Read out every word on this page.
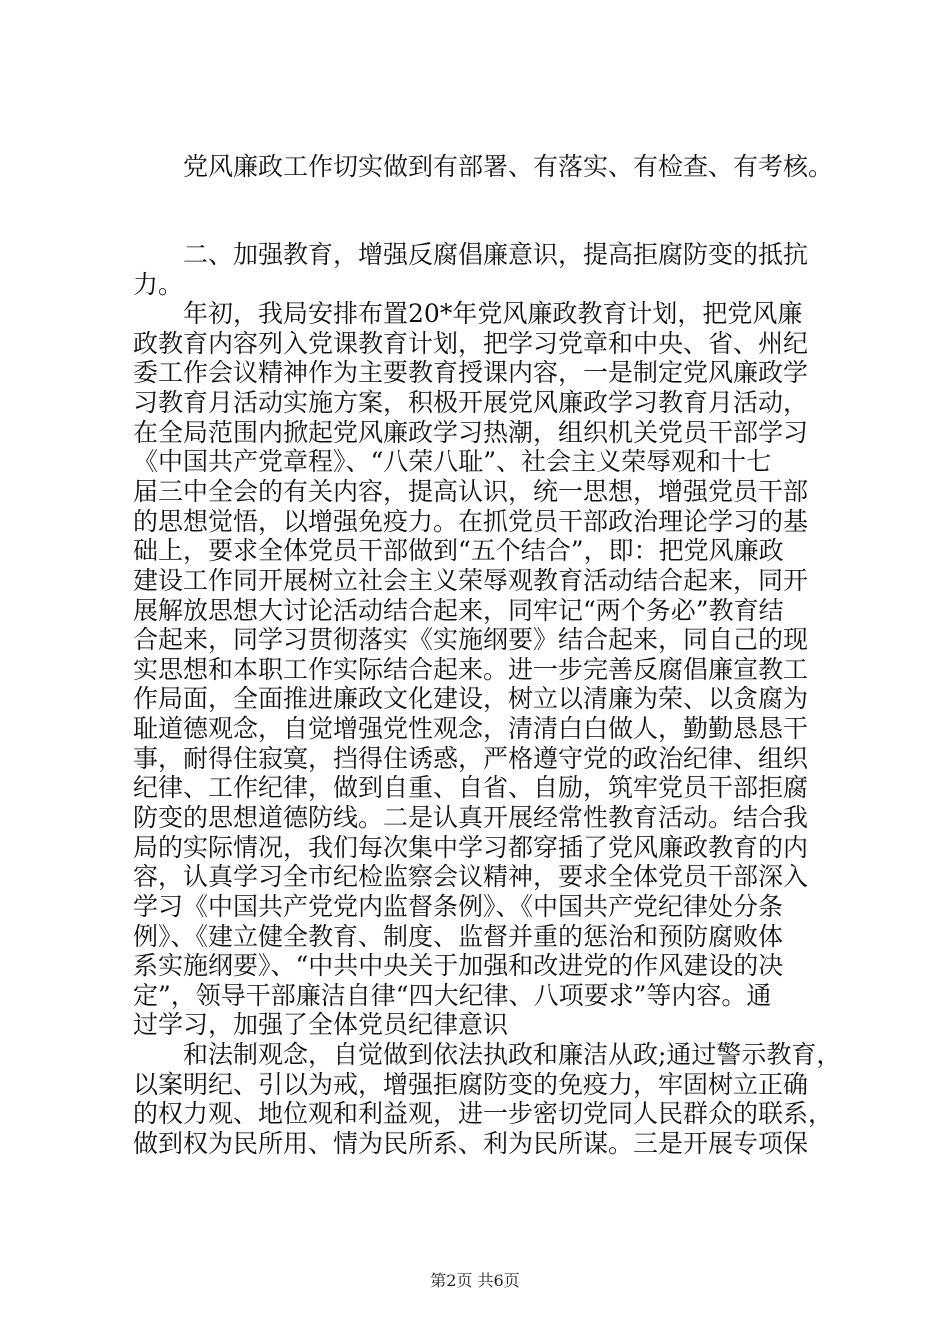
　　党风廉政工作切实做到有部署、有落实、有检查、有考核。
　　二、加强教育，增强反腐倡廉意识，提高拒腐防变的抵抗
力。
　　年初，我局安排布置20*年党风廉政教育计划，把党风廉
政教育内容列入党课教育计划，把学习党章和中央、省、州纪
委工作会议精神作为主要教育授课内容，一是制定党风廉政学
习教育月活动实施方案，积极开展党风廉政学习教育月活动，
在全局范围内掀起党风廉政学习热潮，组织机关党员干部学习
《中国共产党章程》、“八荣八耻”、社会主义荣辱观和十七
届三中全会的有关内容，提高认识，统一思想，增强党员干部
的思想觉悟，以增强免疫力。在抓党员干部政治理论学习的基
础上，要求全体党员干部做到“五个结合”，即：把党风廉政
建设工作同开展树立社会主义荣辱观教育活动结合起来，同开
展解放思想大讨论活动结合起来，同牢记“两个务必”教育结
合起来，同学习贯彻落实《实施纲要》结合起来，同自己的现
实思想和本职工作实际结合起来。进一步完善反腐倡廉宣教工
作局面，全面推进廉政文化建设，树立以清廉为荣、以贪腐为
耻道德观念，自觉增强党性观念，清清白白做人，勤勤恳恳干
事，耐得住寂寞，挡得住诱惑，严格遵守党的政治纪律、组织
纪律、工作纪律，做到自重、自省、自励，筑牢党员干部拒腐
防变的思想道德防线。二是认真开展经常性教育活动。结合我
局的实际情况，我们每次集中学习都穿插了党风廉政教育的内
容，认真学习全市纪检监察会议精神，要求全体党员干部深入
学习《中国共产党党内监督条例》、《中国共产党纪律处分条
例》、《建立健全教育、制度、监督并重的惩治和预防腐败体
系实施纲要》、“中共中央关于加强和改进党的作风建设的决
定”，领导干部廉洁自律“四大纪律、八项要求”等内容。通
过学习，加强了全体党员纪律意识
　　和法制观念，自觉做到依法执政和廉洁从政;通过警示教育，
以案明纪、引以为戒，增强拒腐防变的免疫力，牢固树立正确
的权力观、地位观和利益观，进一步密切党同人民群众的联系，
做到权为民所用、情为民所系、利为民所谋。三是开展专项保
第2页 共6页
